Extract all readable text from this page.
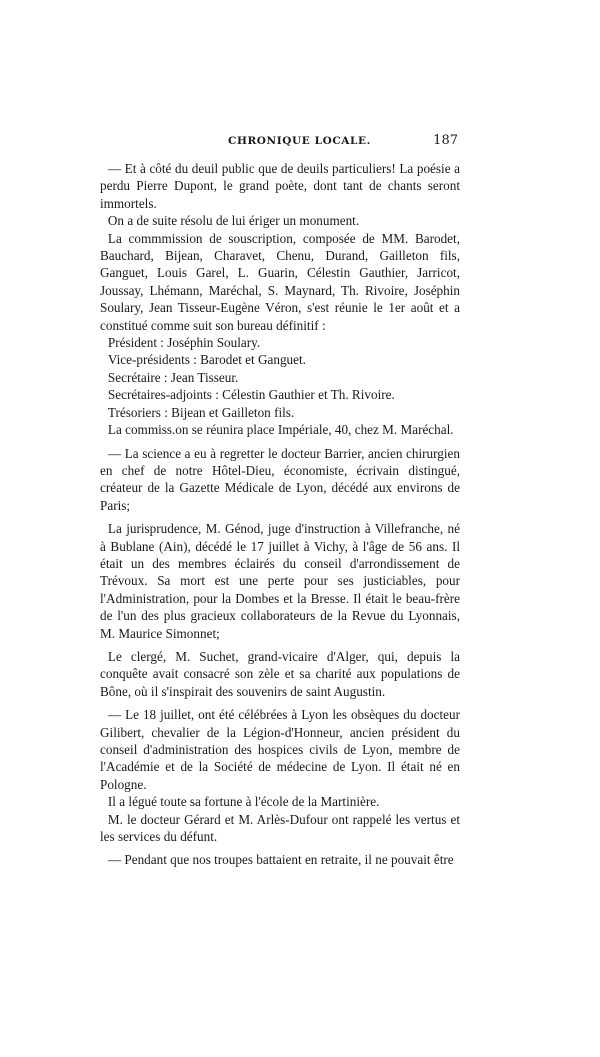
CHRONIQUE LOCALE.	187

— Et à côté du deuil public que de deuils particuliers! La poésie a perdu Pierre Dupont, le grand poète, dont tant de chants seront immortels.

On a de suite résolu de lui ériger un monument.

La commmission de souscription, composée de MM. Barodet, Bauchard, Bijean, Charavet, Chenu, Durand, Gailleton fils, Ganguet, Louis Garel, L. Guarin, Célestin Gauthier, Jarricot, Joussay, Lhémann, Maréchal, S. Maynard, Th. Rivoire, Joséphin Soulary, Jean Tisseur-Eugène Véron, s'est réunie le 1er août et a constitué comme suit son bureau définitif :

Président : Joséphin Soulary.

Vice-présidents : Barodet et Ganguet.

Secrétaire : Jean Tisseur.

Secrétaires-adjoints : Célestin Gauthier et Th. Rivoire.

Trésoriers : Bijean et Gailleton fils.

La commiss.on se réunira place Impériale, 40, chez M. Maréchal.

— La science a eu à regretter le docteur Barrier, ancien chirurgien en chef de notre Hôtel-Dieu, économiste, écrivain distingué, créateur de la Gazette Médicale de Lyon, décédé aux environs de Paris;

La jurisprudence, M. Génod, juge d'instruction à Villefranche, né à Bublane (Ain), décédé le 17 juillet à Vichy, à l'âge de 56 ans. Il était un des membres éclairés du conseil d'arrondissement de Trévoux. Sa mort est une perte pour ses justiciables, pour l'Administration, pour la Dombes et la Bresse. Il était le beau-frère de l'un des plus gracieux collaborateurs de la Revue du Lyonnais, M. Maurice Simonnet;

Le clergé, M. Suchet, grand-vicaire d'Alger, qui, depuis la conquête avait consacré son zèle et sa charité aux populations de Bône, où il s'inspirait des souvenirs de saint Augustin.

— Le 18 juillet, ont été célébrées à Lyon les obsèques du docteur Gilibert, chevalier de la Légion-d'Honneur, ancien président du conseil d'administration des hospices civils de Lyon, membre de l'Académie et de la Société de médecine de Lyon. Il était né en Pologne.

Il a légué toute sa fortune à l'école de la Martinière.

M. le docteur Gérard et M. Arlès-Dufour ont rappelé les vertus et les services du défunt.

— Pendant que nos troupes battaient en retraite, il ne pouvait être
